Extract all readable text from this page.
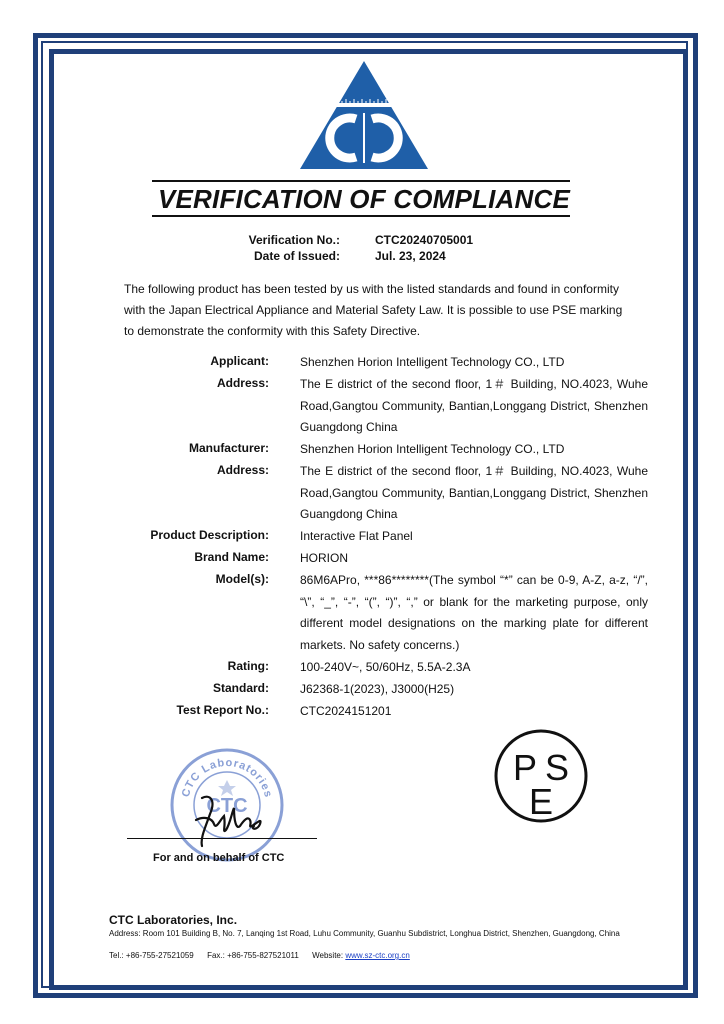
VERIFICATION OF COMPLIANCE
Verification No.:	CTC20240705001
Date of Issued:	Jul. 23, 2024
The following product has been tested by us with the listed standards and found in conformity with the Japan Electrical Appliance and Material Safety Law. It is possible to use PSE marking to demonstrate the conformity with this Safety Directive.
Applicant:	Shenzhen Horion Intelligent Technology CO., LTD
Address:	The E district of the second floor, 1＃ Building, NO.4023, Wuhe Road,Gangtou Community, Bantian,Longgang District, Shenzhen Guangdong China
Manufacturer:	Shenzhen Horion Intelligent Technology CO., LTD
Address:	The E district of the second floor, 1＃ Building, NO.4023, Wuhe Road,Gangtou Community, Bantian,Longgang District, Shenzhen Guangdong China
Product Description:	Interactive Flat Panel
Brand Name:	HORION
Model(s):	86M6APro, ***86********(The symbol “*” can be 0-9, A-Z, a-z, “/”, “\”, “_”, “-”, “(”, “)”, “,” or blank for the marketing purpose, only different model designations on the marking plate for different markets. No safety concerns.)
Rating:	100-240V~, 50/60Hz, 5.5A-2.3A
Standard:	J62368-1(2023), J3000(H25)
Test Report No.:	CTC2024151201
CTC Laboratories
CTC
For and on behalf of CTC
P S
E
CTC Laboratories, Inc.
Address: Room 101 Building B, No. 7, Lanqing 1st Road, Luhu Community, Guanhu Subdistrict, Longhua District, Shenzhen, Guangdong, China
Tel.: +86-755-27521059 Fax.: +86-755-827521011 Website: www.sz-ctc.org.cn
